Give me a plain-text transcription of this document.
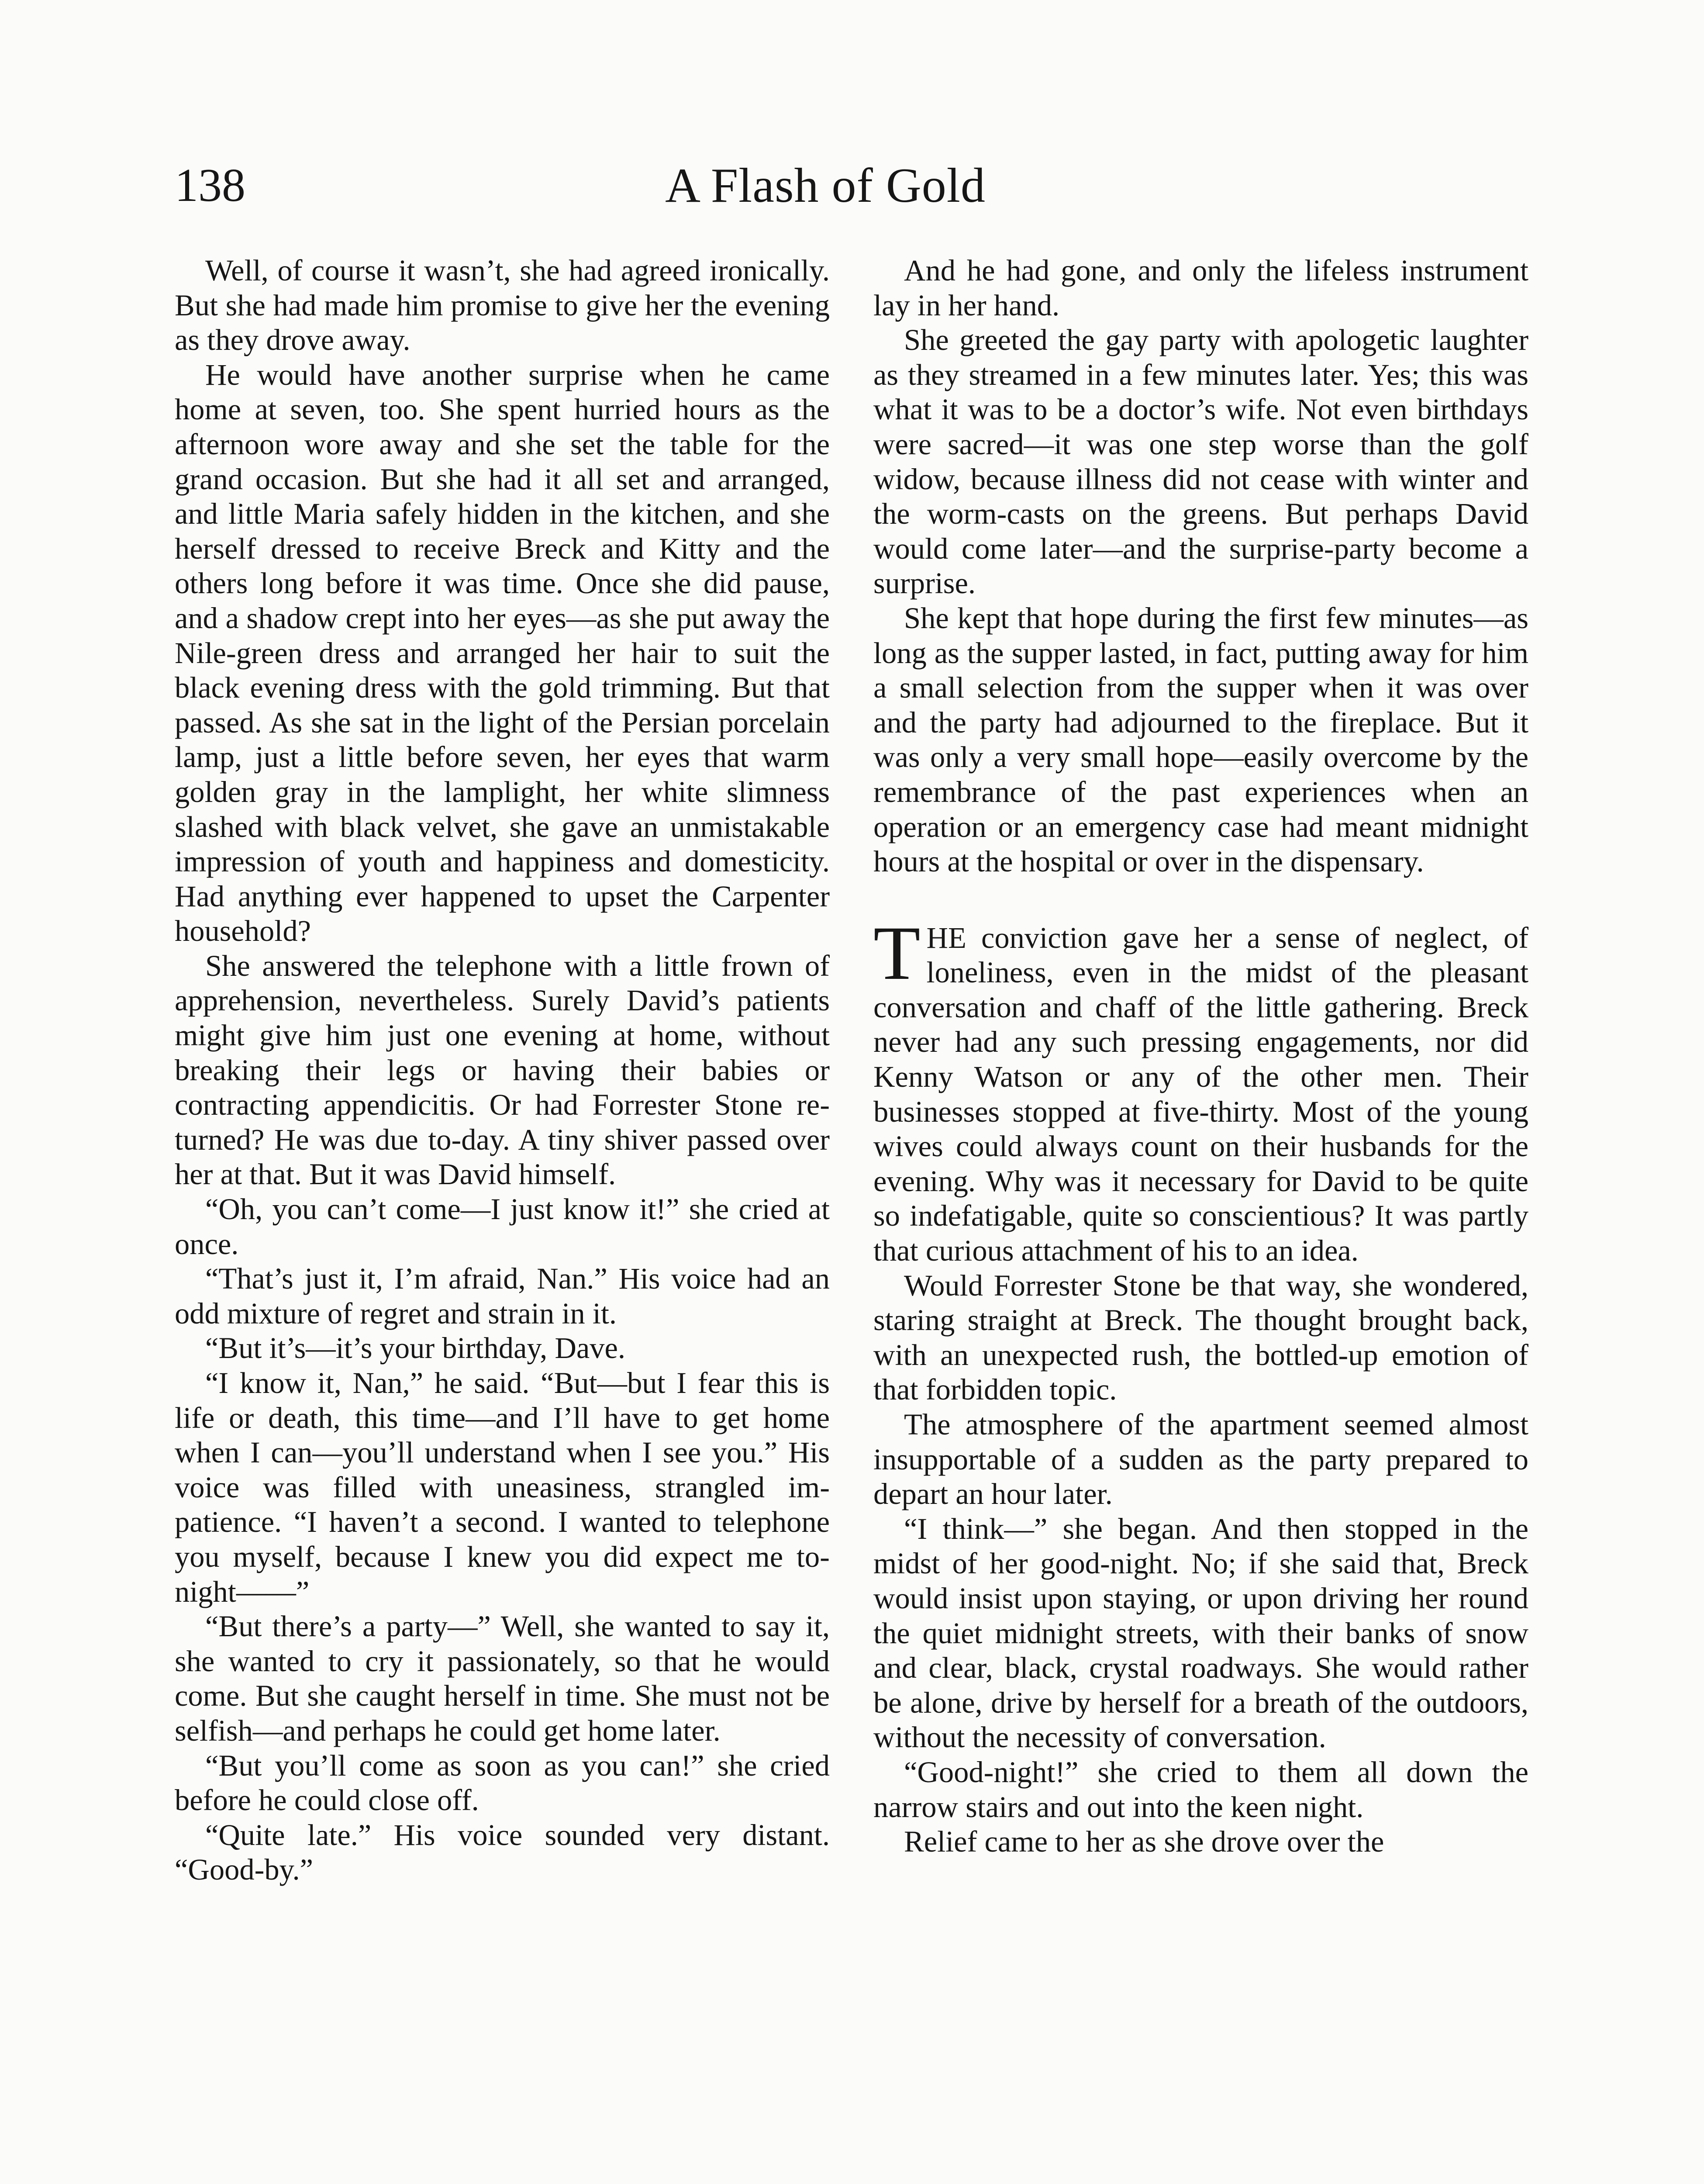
138	A Flash of Gold

Well, of course it wasn’t, she had agreed ironically. But she had made him promise to give her the evening as they drove away.

He would have another surprise when he came home at seven, too. She spent hurried hours as the afternoon wore away and she set the table for the grand occasion. But she had it all set and arranged, and little Maria safely hidden in the kitchen, and she herself dressed to receive Breck and Kitty and the others long before it was time. Once she did pause, and a shadow crept into her eyes—as she put away the Nile-green dress and arranged her hair to suit the black evening dress with the gold trimming. But that passed. As she sat in the light of the Persian porcelain lamp, just a little before seven, her eyes that warm golden gray in the lamplight, her white slimness slashed with black velvet, she gave an unmistakable impression of youth and happiness and domesticity. Had anything ever happened to upset the Carpenter household?

She answered the telephone with a little frown of apprehension, nevertheless. Surely David’s patients might give him just one evening at home, without breaking their legs or having their babies or contracting appendicitis. Or had Forrester Stone returned? He was due to-day. A tiny shiver passed over her at that. But it was David himself.

“Oh, you can’t come—I just know it!” she cried at once.

“That’s just it, I’m afraid, Nan.” His voice had an odd mixture of regret and strain in it.

“But it’s—it’s your birthday, Dave.

“I know it, Nan,” he said. “But—but I fear this is life or death, this time—and I’ll have to get home when I can—you’ll understand when I see you.” His voice was filled with uneasiness, strangled impatience. “I haven’t a second. I wanted to telephone you myself, because I knew you did expect me to-night——”

“But there’s a party—” Well, she wanted to say it, she wanted to cry it passionately, so that he would come. But she caught herself in time. She must not be selfish—and perhaps he could get home later.

“But you’ll come as soon as you can!” she cried before he could close off.

“Quite late.” His voice sounded very distant. “Good-by.”

And he had gone, and only the lifeless instrument lay in her hand.

She greeted the gay party with apologetic laughter as they streamed in a few minutes later. Yes; this was what it was to be a doctor’s wife. Not even birthdays were sacred—it was one step worse than the golf widow, because illness did not cease with winter and the worm-casts on the greens. But perhaps David would come later—and the surprise-party become a surprise.

She kept that hope during the first few minutes—as long as the supper lasted, in fact, putting away for him a small selection from the supper when it was over and the party had adjourned to the fireplace. But it was only a very small hope—easily overcome by the remembrance of the past experiences when an operation or an emergency case had meant midnight hours at the hospital or over in the dispensary.

THE conviction gave her a sense of neglect, of loneliness, even in the midst of the pleasant conversation and chaff of the little gathering. Breck never had any such pressing engagements, nor did Kenny Watson or any of the other men. Their businesses stopped at five-thirty. Most of the young wives could always count on their husbands for the evening. Why was it necessary for David to be quite so indefatigable, quite so conscientious? It was partly that curious attachment of his to an idea.

Would Forrester Stone be that way, she wondered, staring straight at Breck. The thought brought back, with an unexpected rush, the bottled-up emotion of that forbidden topic.

The atmosphere of the apartment seemed almost insupportable of a sudden as the party prepared to depart an hour later.

“I think—” she began. And then stopped in the midst of her good-night. No; if she said that, Breck would insist upon staying, or upon driving her round the quiet midnight streets, with their banks of snow and clear, black, crystal roadways. She would rather be alone, drive by herself for a breath of the outdoors, without the necessity of conversation.

“Good-night!” she cried to them all down the narrow stairs and out into the keen night.

Relief came to her as she drove over the
